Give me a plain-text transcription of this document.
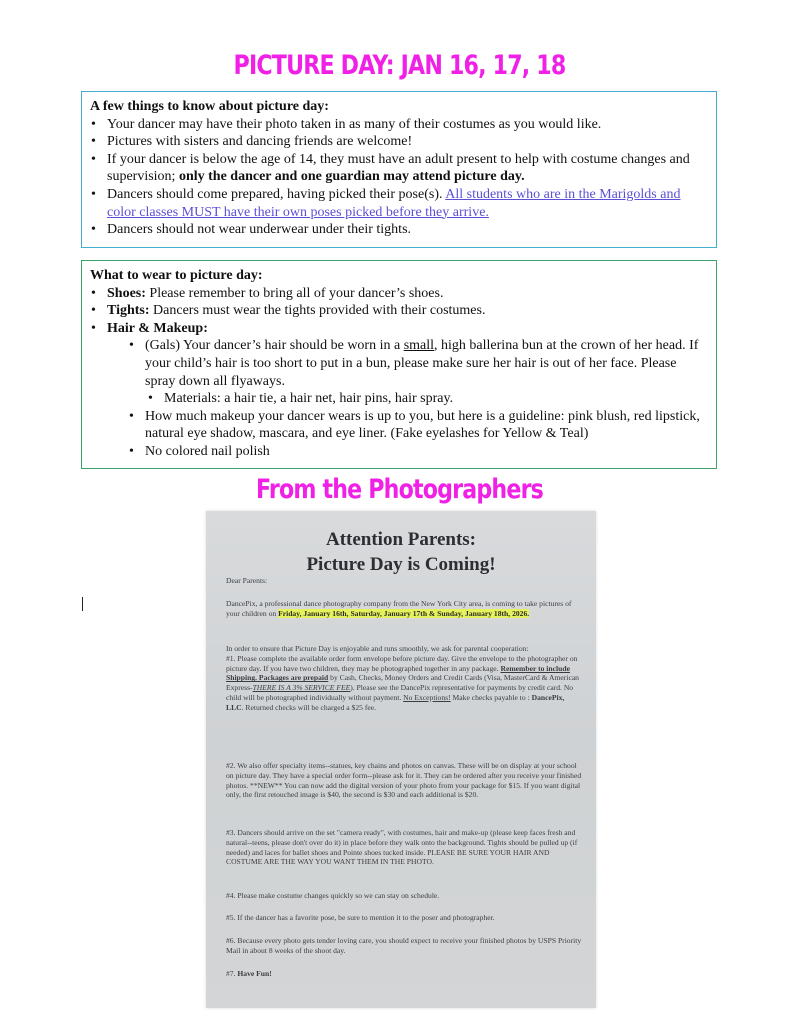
PICTURE DAY: JAN 16, 17, 18
A few things to know about picture day:
• Your dancer may have their photo taken in as many of their costumes as you would like.
• Pictures with sisters and dancing friends are welcome!
• If your dancer is below the age of 14, they must have an adult present to help with costume changes and supervision; only the dancer and one guardian may attend picture day.
• Dancers should come prepared, having picked their pose(s). All students who are in the Marigolds and color classes MUST have their own poses picked before they arrive.
• Dancers should not wear underwear under their tights.
What to wear to picture day:
• Shoes: Please remember to bring all of your dancer’s shoes.
• Tights: Dancers must wear the tights provided with their costumes.
• Hair & Makeup:
• (Gals) Your dancer’s hair should be worn in a small, high ballerina bun at the crown of her head. If your child’s hair is too short to put in a bun, please make sure her hair is out of her face. Please spray down all flyaways.
• Materials: a hair tie, a hair net, hair pins, hair spray.
• How much makeup your dancer wears is up to you, but here is a guideline: pink blush, red lipstick, natural eye shadow, mascara, and eye liner. (Fake eyelashes for Yellow & Teal)
• No colored nail polish
From the Photographers
Attention Parents:
Picture Day is Coming!
Dear Parents:
DancePix, a professional dance photography company from the New York City area, is coming to take pictures of your children on Friday, January 16th, Saturday, January 17th & Sunday, January 18th, 2026.
In order to ensure that Picture Day is enjoyable and runs smoothly, we ask for parental cooperation:
#1. Please complete the available order form envelope before picture day. Give the envelope to the photographer on picture day. If you have two children, they may be photographed together in any package. Remember to include Shipping. Packages are prepaid by Cash, Checks, Money Orders and Credit Cards (Visa, MasterCard & American Express-THERE IS A 3% SERVICE FEE). Please see the DancePix representative for payments by credit card. No child will be photographed individually without payment. No Exceptions! Make checks payable to : DancePix, LLC. Returned checks will be charged a $25 fee.
#2. We also offer specialty items--statues, key chains and photos on canvas. These will be on display at your school on picture day. They have a special order form--please ask for it. They can be ordered after you receive your finished photos. **NEW** You can now add the digital version of your photo from your package for $15. If you want digital only, the first retouched image is $40, the second is $30 and each additional is $20.
#3. Dancers should arrive on the set "camera ready", with costumes, hair and make-up (please keep faces fresh and natural--teens, please don't over do it) in place before they walk onto the background. Tights should be pulled up (if needed) and laces for ballet shoes and Pointe shoes tucked inside. PLEASE BE SURE YOUR HAIR AND COSTUME ARE THE WAY YOU WANT THEM IN THE PHOTO.
#4. Please make costume changes quickly so we can stay on schedule.
#5. If the dancer has a favorite pose, be sure to mention it to the poser and photographer.
#6. Because every photo gets tender loving care, you should expect to receive your finished photos by USPS Priority Mail in about 8 weeks of the shoot day.
#7. Have Fun!
